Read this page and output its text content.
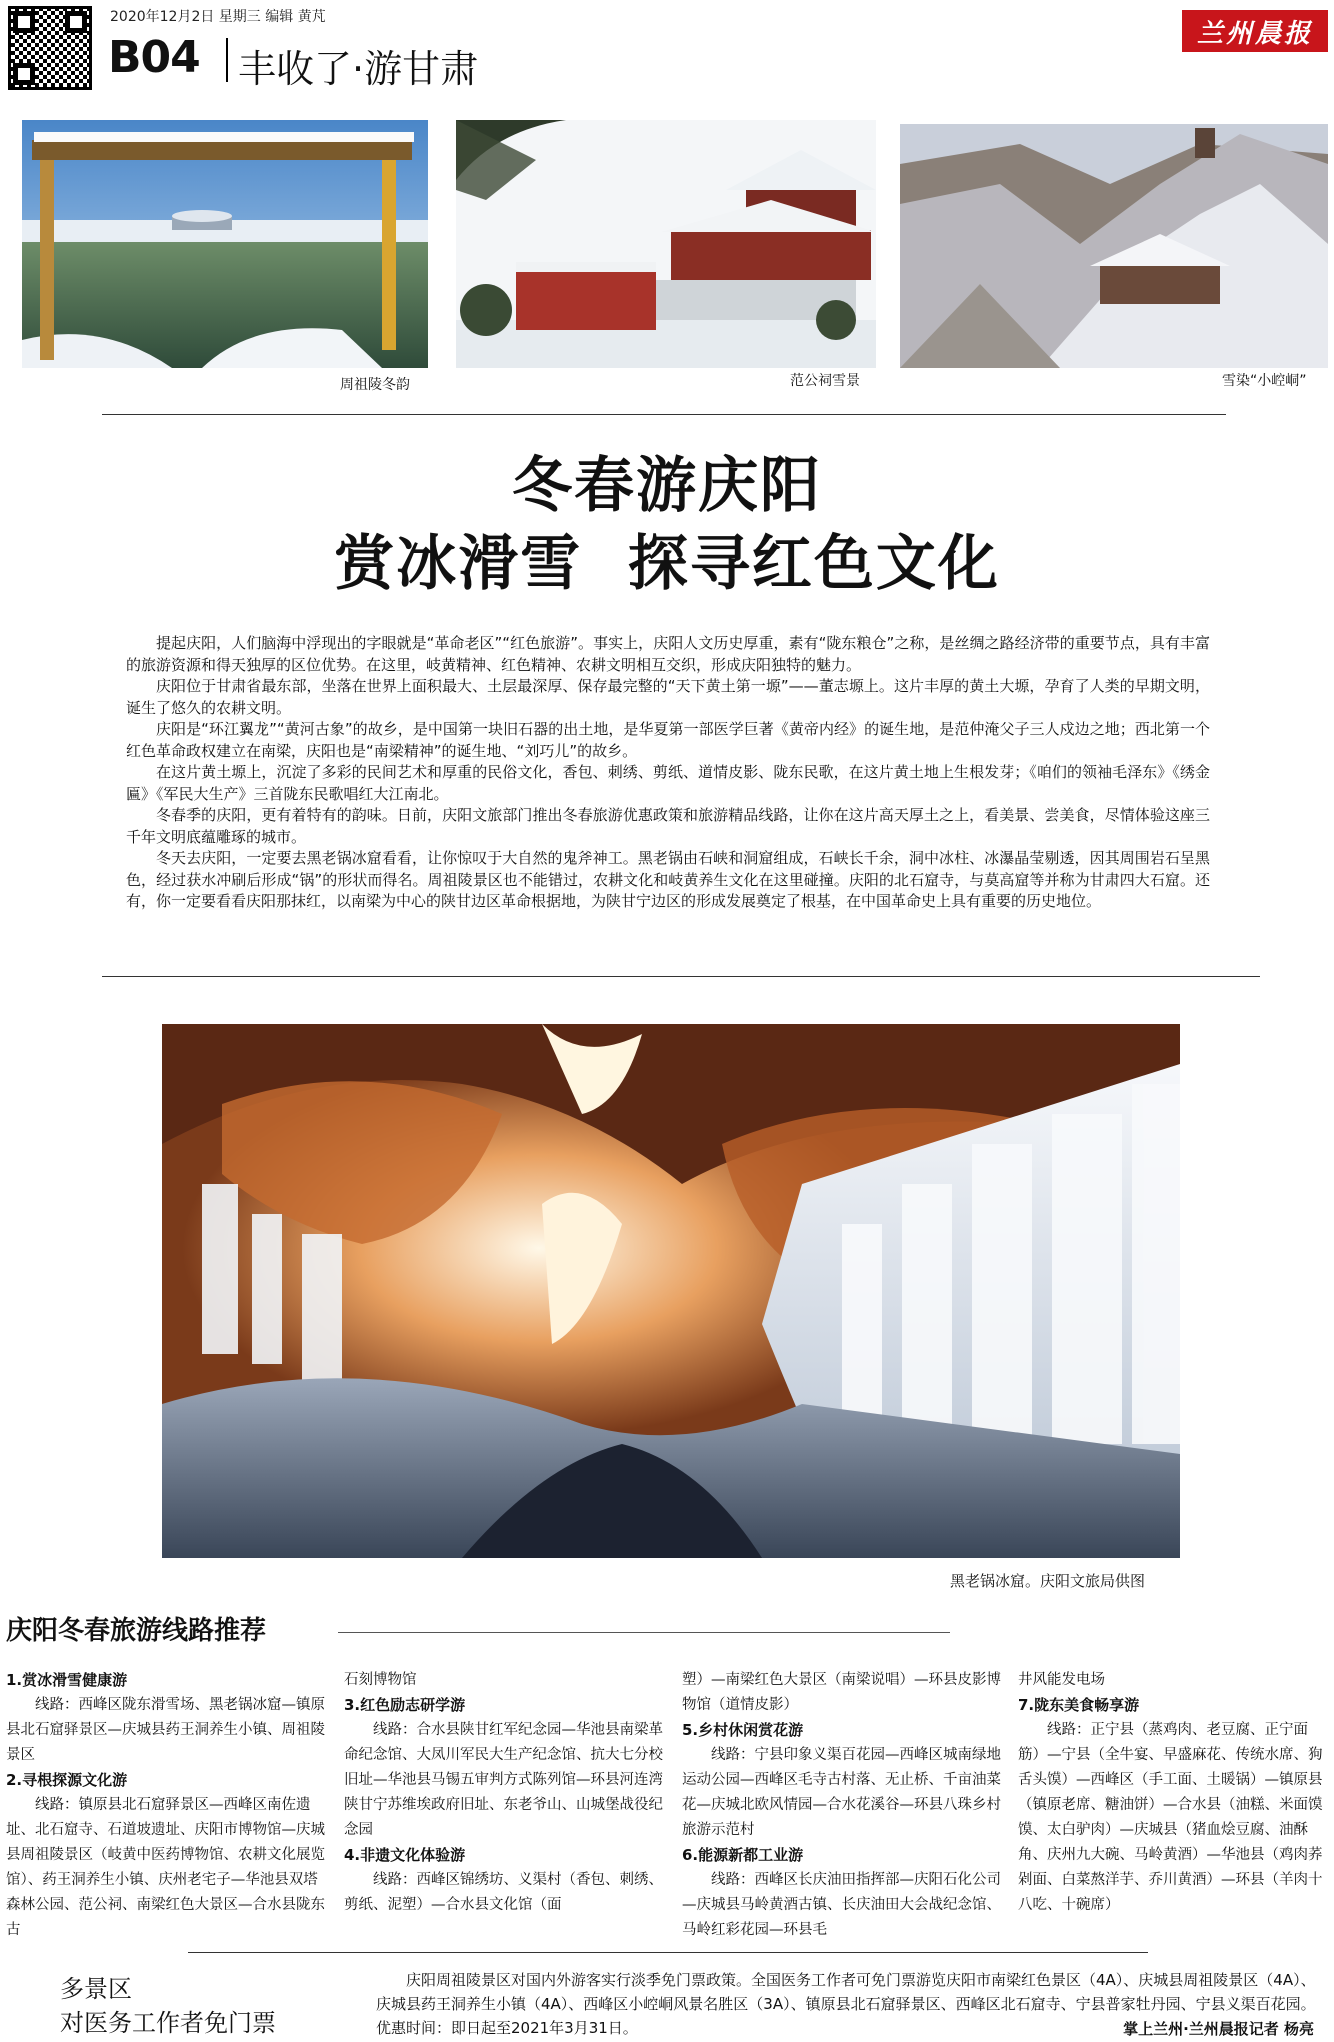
2020年12月2日 星期三 编辑 黄芃
B04 丰收了·游甘肃
兰州晨报
周祖陵冬韵	范公祠雪景	雪染“小崆峒”
冬春游庆阳
赏冰滑雪  探寻红色文化

提起庆阳，人们脑海中浮现出的字眼就是“革命老区”“红色旅游”。事实上，庆阳人文历史厚重，素有“陇东粮仓”之称，是丝绸之路经济带的重要节点，具有丰富的旅游资源和得天独厚的区位优势。在这里，岐黄精神、红色精神、农耕文明相互交织，形成庆阳独特的魅力。

庆阳位于甘肃省最东部，坐落在世界上面积最大、土层最深厚、保存最完整的“天下黄土第一塬”——董志塬上。这片丰厚的黄土大塬，孕育了人类的早期文明，诞生了悠久的农耕文明。

庆阳是“环江翼龙”“黄河古象”的故乡，是中国第一块旧石器的出土地，是华夏第一部医学巨著《黄帝内经》的诞生地，是范仲淹父子三人戍边之地；西北第一个红色革命政权建立在南梁，庆阳也是“南梁精神”的诞生地、“刘巧儿”的故乡。

在这片黄土塬上，沉淀了多彩的民间艺术和厚重的民俗文化，香包、刺绣、剪纸、道情皮影、陇东民歌，在这片黄土地上生根发芽；《咱们的领袖毛泽东》《绣金匾》《军民大生产》三首陇东民歌唱红大江南北。

冬春季的庆阳，更有着特有的韵味。日前，庆阳文旅部门推出冬春旅游优惠政策和旅游精品线路，让你在这片高天厚土之上，看美景、尝美食，尽情体验这座三千年文明底蕴雕琢的城市。

冬天去庆阳，一定要去黑老锅冰窟看看，让你惊叹于大自然的鬼斧神工。黑老锅由石峡和洞窟组成，石峡长千余，洞中冰柱、冰瀑晶莹剔透，因其周围岩石呈黑色，经过获水冲刷后形成“锅”的形状而得名。周祖陵景区也不能错过，农耕文化和岐黄养生文化在这里碰撞。庆阳的北石窟寺，与莫高窟等并称为甘肃四大石窟。还有，你一定要看看庆阳那抹红，以南梁为中心的陕甘边区革命根据地，为陕甘宁边区的形成发展奠定了根基，在中国革命史上具有重要的历史地位。

黑老锅冰窟。庆阳文旅局供图
庆阳冬春旅游线路推荐
1.赏冰滑雪健康游
线路：西峰区陇东滑雪场、黑老锅冰窟—镇原县北石窟驿景区—庆城县药王洞养生小镇、周祖陵景区
2.寻根探源文化游
线路：镇原县北石窟驿景区—西峰区南佐遗址、北石窟寺、石道坡遗址、庆阳市博物馆—庆城县周祖陵景区（岐黄中医药博物馆、农耕文化展览馆）、药王洞养生小镇、庆州老宅子—华池县双塔森林公园、范公祠、南梁红色大景区—合水县陇东古
石刻博物馆
3.红色励志研学游
线路：合水县陕甘红军纪念园—华池县南梁革命纪念馆、大凤川军民大生产纪念馆、抗大七分校旧址—华池县马锡五审判方式陈列馆—环县河连湾陕甘宁苏维埃政府旧址、东老爷山、山城堡战役纪念园
4.非遗文化体验游
线路：西峰区锦绣坊、义渠村（香包、刺绣、剪纸、泥塑）—合水县文化馆（面
塑）—南梁红色大景区（南梁说唱）—环县皮影博物馆（道情皮影）
5.乡村休闲赏花游
线路：宁县印象义渠百花园—西峰区城南绿地运动公园—西峰区毛寺古村落、无止桥、千亩油菜花—庆城北欧风情园—合水花溪谷—环县八珠乡村旅游示范村
6.能源新都工业游
线路：西峰区长庆油田指挥部—庆阳石化公司—庆城县马岭黄酒古镇、长庆油田大会战纪念馆、马岭红彩花园—环县毛
井风能发电场
7.陇东美食畅享游
线路：正宁县（蒸鸡肉、老豆腐、正宁面筋）—宁县（全牛宴、早盛麻花、传统水席、狗舌头馍）—西峰区（手工面、土暖锅）—镇原县（镇原老席、糖油饼）—合水县（油糕、米面馍馍、太白驴肉）—庆城县（猪血烩豆腐、油酥角、庆州九大碗、马岭黄酒）—华池县（鸡肉荞剁面、白菜熬洋芋、乔川黄酒）—环县（羊肉十八吃、十碗席）
多景区
对医务工作者免门票
庆阳周祖陵景区对国内外游客实行淡季免门票政策。全国医务工作者可免门票游览庆阳市南梁红色景区（4A）、庆城县周祖陵景区（4A）、庆城县药王洞养生小镇（4A）、西峰区小崆峒风景名胜区（3A）、镇原县北石窟驿景区、西峰区北石窟寺、宁县普家牡丹园、宁县义渠百花园。优惠时间：即日起至2021年3月31日。	掌上兰州·兰州晨报记者 杨亮
